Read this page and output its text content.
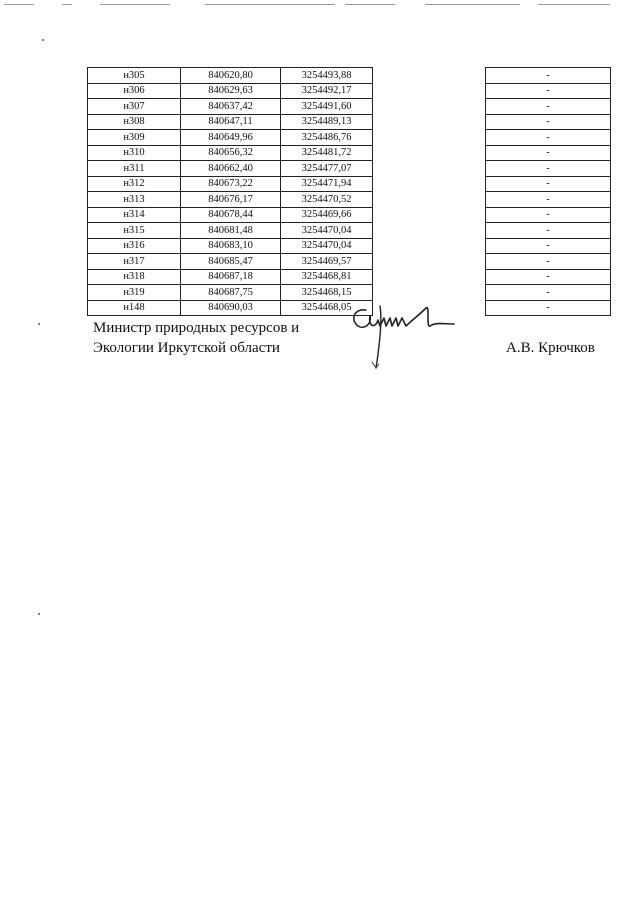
н305	840620,80	3254493,88		-
н306	840629,63	3254492,17		-
н307	840637,42	3254491,60		-
н308	840647,11	3254489,13		-
н309	840649,96	3254486,76		-
н310	840656,32	3254481,72		-
н311	840662,40	3254477,07		-
н312	840673,22	3254471,94		-
н313	840676,17	3254470,52		-
н314	840678,44	3254469,66		-
н315	840681,48	3254470,04		-
н316	840683,10	3254470,04		-
н317	840685,47	3254469,57		-
н318	840687,18	3254468,81		-
н319	840687,75	3254468,15		-
н148	840690,03	3254468,05		-
Министр природных ресурсов и
Экологии Иркутской области	А.В. Крючков
